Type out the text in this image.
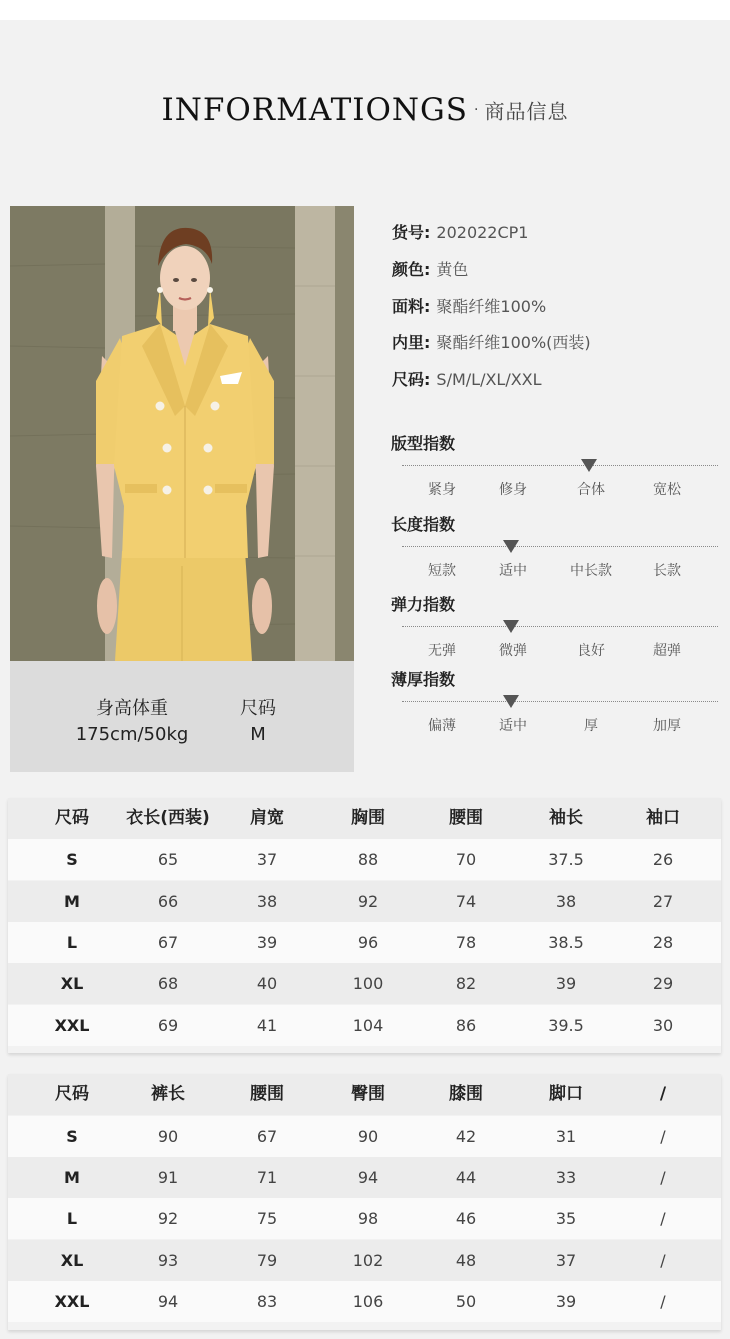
INFORMATIONGS · 商品信息
身高体重	尺码
175cm/50kg	M
货号: 202022CP1
颜色: 黄色
面料: 聚酯纤维100%
内里: 聚酯纤维100%(西装)
尺码: S/M/L/XL/XXL
版型指数
紧身	修身	合体	宽松
长度指数
短款	适中	中长款	长款
弹力指数
无弹	微弹	良好	超弹
薄厚指数
偏薄	适中	厚	加厚
尺码	衣长(西装)	肩宽	胸围	腰围	袖长	袖口
S	65	37	88	70	37.5	26
M	66	38	92	74	38	27
L	67	39	96	78	38.5	28
XL	68	40	100	82	39	29
XXL	69	41	104	86	39.5	30
尺码	裤长	腰围	臀围	膝围	脚口	/
S	90	67	90	42	31	/
M	91	71	94	44	33	/
L	92	75	98	46	35	/
XL	93	79	102	48	37	/
XXL	94	83	106	50	39	/
